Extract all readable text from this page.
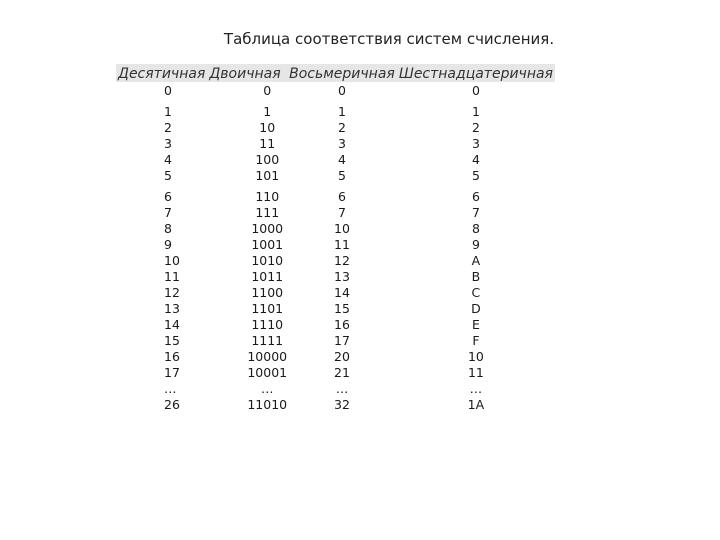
Таблица соответствия систем счисления.
Десятичная	Двоичная	Восьмеричная	Шестнадцатеричная
0	0	0	0
1	1	1	1
2	10	2	2
3	11	3	3
4	100	4	4
5	101	5	5
6	110	6	6
7	111	7	7
8	1000	10	8
9	1001	11	9
10	1010	12	A
11	1011	13	B
12	1100	14	C
13	1101	15	D
14	1110	16	E
15	1111	17	F
16	10000	20	10
17	10001	21	11
…	…	…	…
26	11010	32	1A
